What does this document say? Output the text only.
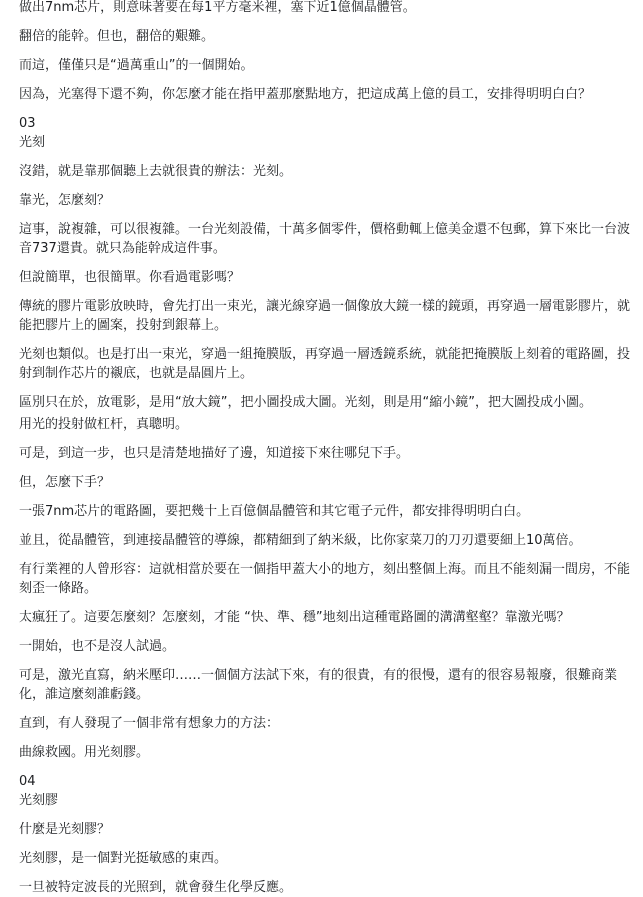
做出7nm芯片，則意味著要在每1平方毫米裡，塞下近1億個晶體管。

翻倍的能幹。但也，翻倍的艱難。

而這，僅僅只是“過萬重山”的一個開始。

因為，光塞得下還不夠，你怎麼才能在指甲蓋那麼點地方，把這成萬上億的員工，安排得明明白白？

03

光刻

沒錯，就是靠那個聽上去就很貴的辦法：光刻。

靠光，怎麼刻？

這事，說複雜，可以很複雜。一台光刻設備，十萬多個零件，價格動輒上億美金還不包郵，算下來比一台波音737還貴。就只為能幹成這件事。

但說簡單，也很簡單。你看過電影嗎？

傳統的膠片電影放映時，會先打出一束光，讓光線穿過一個像放大鏡一樣的鏡頭，再穿過一層電影膠片，就能把膠片上的圖案，投射到銀幕上。

光刻也類似。也是打出一束光，穿過一組掩膜版，再穿過一層透鏡系統，就能把掩膜版上刻着的電路圖，投射到制作芯片的襯底，也就是晶圓片上。

區別只在於，放電影，是用“放大鏡”，把小圖投成大圖。光刻，則是用“縮小鏡”，把大圖投成小圖。

用光的投射做杠杆，真聰明。

可是，到這一步，也只是清楚地描好了邊，知道接下來往哪兒下手。

但，怎麼下手？

一張7nm芯片的電路圖，要把幾十上百億個晶體管和其它電子元件，都安排得明明白白。

並且，從晶體管，到連接晶體管的導線，都精細到了納米級，比你家菜刀的刀刃還要細上10萬倍。

有行業裡的人曾形容：這就相當於要在一個指甲蓋大小的地方，刻出整個上海。而且不能刻漏一間房，不能刻歪一條路。

太瘋狂了。這要怎麼刻？怎麼刻，才能 “快、準、穩”地刻出這種電路圖的溝溝壑壑？靠激光嗎？

一開始，也不是沒人試過。

可是，激光直寫，納米壓印……一個個方法試下來，有的很貴，有的很慢，還有的很容易報廢，很難商業化，誰這麼刻誰虧錢。

直到，有人發現了一個非常有想象力的方法：

曲線救國。用光刻膠。

04

光刻膠

什麼是光刻膠？

光刻膠，是一個對光挺敏感的東西。

一旦被特定波長的光照到，就會發生化學反應。
